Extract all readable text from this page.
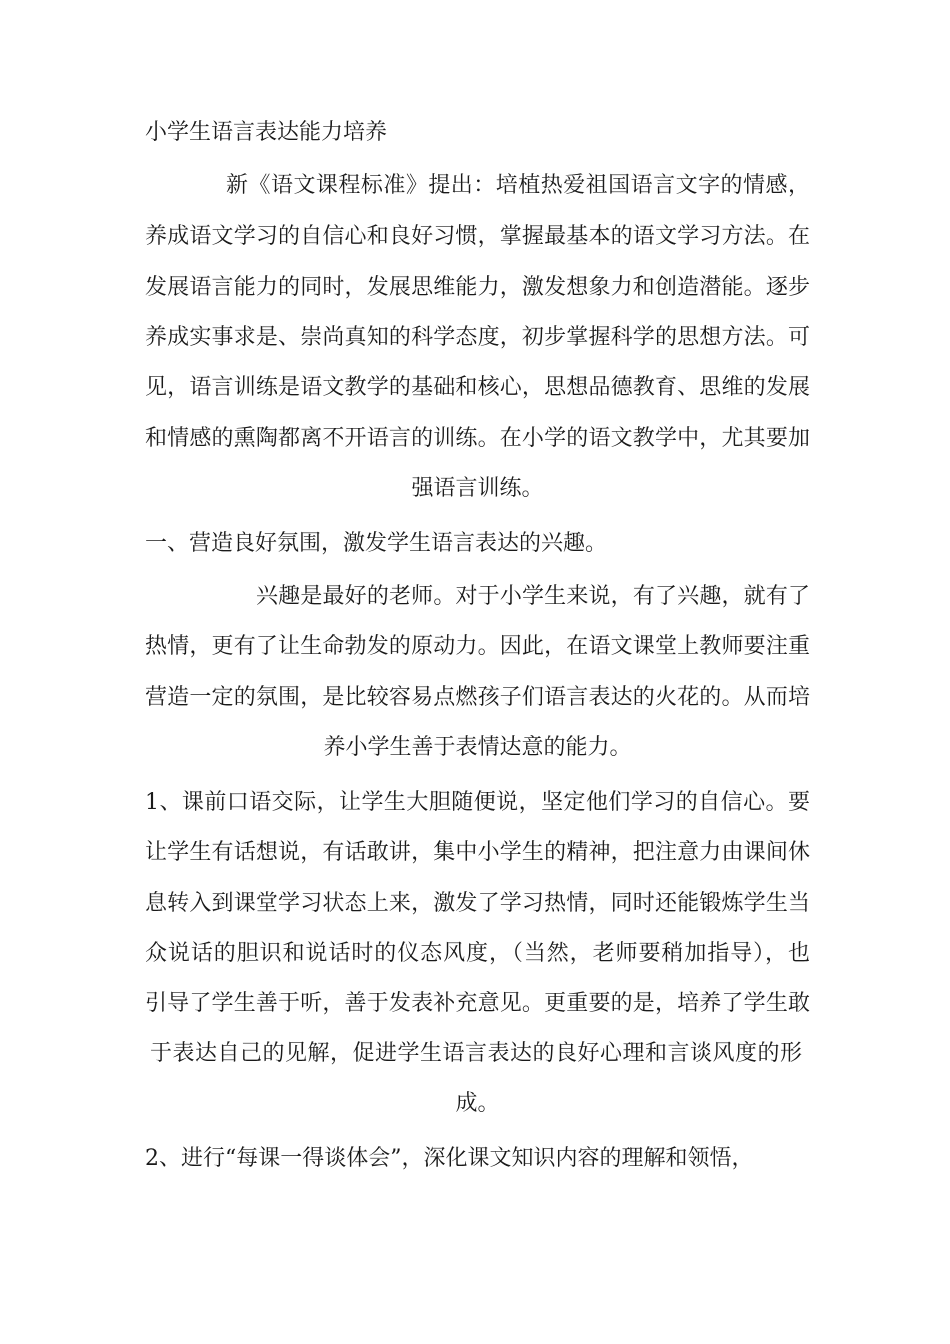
小学生语言表达能力培养
新《语文课程标准》提出：培植热爱祖国语言文字的情感，
养成语文学习的自信心和良好习惯，掌握最基本的语文学习方法。在
发展语言能力的同时，发展思维能力，激发想象力和创造潜能。逐步
养成实事求是、崇尚真知的科学态度，初步掌握科学的思想方法。可
见，语言训练是语文教学的基础和核心，思想品德教育、思维的发展
和情感的熏陶都离不开语言的训练。在小学的语文教学中，尤其要加
强语言训练。
一、营造良好氛围，激发学生语言表达的兴趣。
兴趣是最好的老师。对于小学生来说，有了兴趣，就有了
热情，更有了让生命勃发的原动力。因此，在语文课堂上教师要注重
营造一定的氛围，是比较容易点燃孩子们语言表达的火花的。从而培
养小学生善于表情达意的能力。
1、课前口语交际，让学生大胆随便说，坚定他们学习的自信心。要
让学生有话想说，有话敢讲，集中小学生的精神，把注意力由课间休
息转入到课堂学习状态上来，激发了学习热情，同时还能锻炼学生当
众说话的胆识和说话时的仪态风度，（当然，老师要稍加指导），也
引导了学生善于听，善于发表补充意见。更重要的是，培养了学生敢
于表达自己的见解，促进学生语言表达的良好心理和言谈风度的形
成。
2、进行“每课一得谈体会”，深化课文知识内容的理解和领悟，
